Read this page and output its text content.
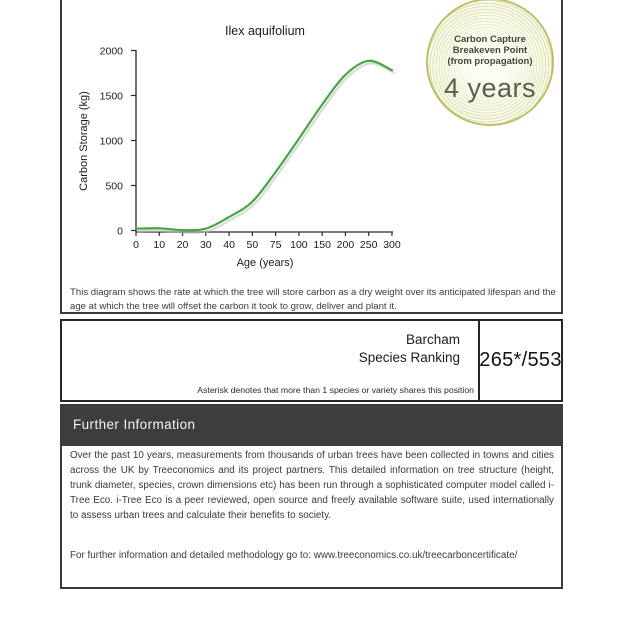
Ilex aquifolium
0
500
1000
1500
2000
0 10 20 30 40 50 75 100 150 200 250 300
Age (years)
Carbon Storage (kg)
Carbon Capture
Breakeven Point
(from propagation)
4 years
This diagram shows the rate at which the tree will store carbon as a dry weight over its anticipated lifespan and the age at which the tree will offset the carbon it took to grow, deliver and plant it.
Barcham
Species Ranking
Asterisk denotes that more than 1 species or variety shares this position
265*/553
Further Information

Over the past 10 years, measurements from thousands of urban trees have been collected in towns and cities across the UK by Treeconomics and its project partners. This detailed information on tree structure (height, trunk diameter, species, crown dimensions etc) has been run through a sophisticated computer model called i-Tree Eco. i-Tree Eco is a peer reviewed, open source and freely available software suite, used internationally to assess urban trees and calculate their benefits to society.

For further information and detailed methodology go to: www.treeconomics.co.uk/treecarboncertificate/
